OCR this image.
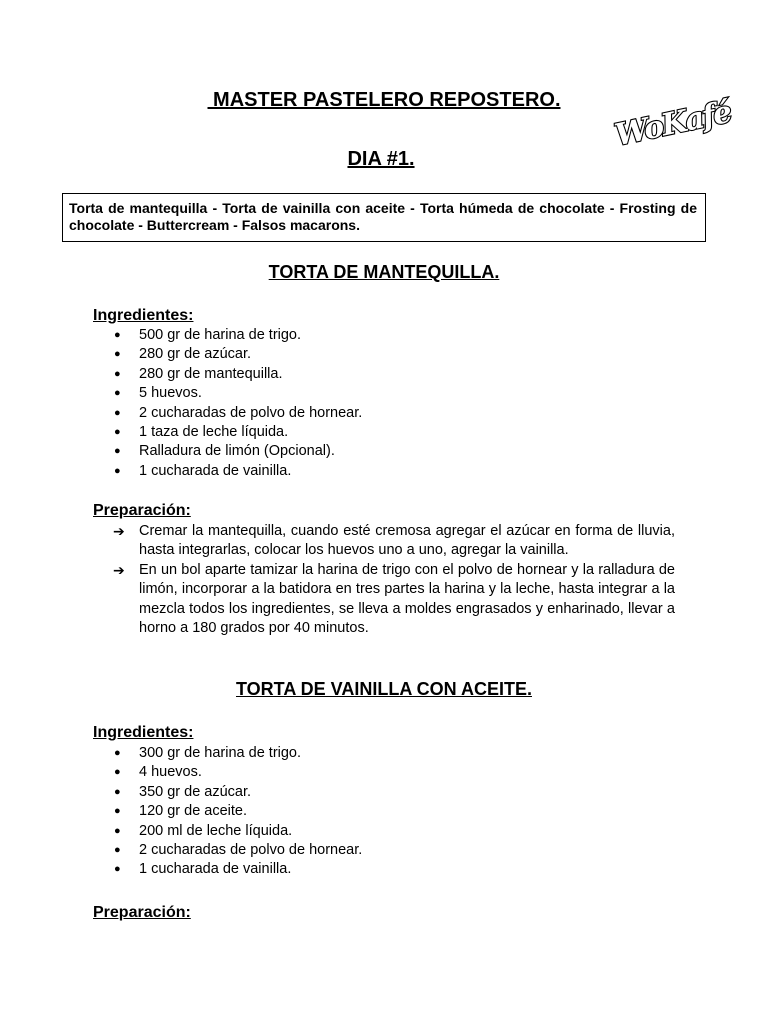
MASTER PASTELERO REPOSTERO.
DIA #1.
WoKafé
Torta de mantequilla - Torta de vainilla con aceite - Torta húmeda de chocolate - Frosting de chocolate - Buttercream - Falsos macarons.
TORTA DE MANTEQUILLA.
Ingredientes:
● 500 gr de harina de trigo.
● 280 gr de azúcar.
● 280 gr de mantequilla.
● 5 huevos.
● 2 cucharadas de polvo de hornear.
● 1 taza de leche líquida.
● Ralladura de limón (Opcional).
● 1 cucharada de vainilla.
Preparación:
➔ Cremar la mantequilla, cuando esté cremosa agregar el azúcar en forma de lluvia, hasta integrarlas, colocar los huevos uno a uno, agregar la vainilla.
➔ En un bol aparte tamizar la harina de trigo con el polvo de hornear y la ralladura de limón, incorporar a la batidora en tres partes la harina y la leche, hasta integrar a la mezcla todos los ingredientes, se lleva a moldes engrasados y enharinado, llevar a horno a 180 grados por 40 minutos.
TORTA DE VAINILLA CON ACEITE.
Ingredientes:
● 300 gr de harina de trigo.
● 4 huevos.
● 350 gr de azúcar.
● 120 gr de aceite.
● 200 ml de leche líquida.
● 2 cucharadas de polvo de hornear.
● 1 cucharada de vainilla.
Preparación:
